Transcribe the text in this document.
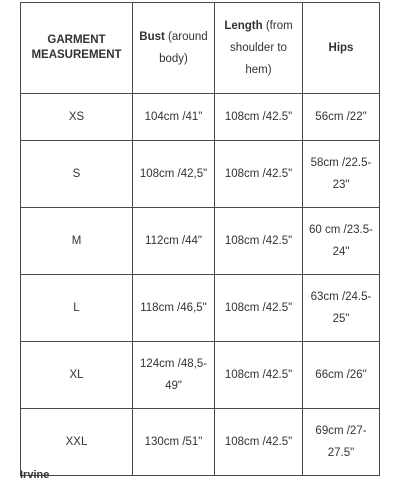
GARMENT MEASUREMENT	Bust (around body)	Length (from shoulder to hem)	Hips
XS	104cm /41"	108cm /42.5"	56cm /22"
S	108cm /42,5"	108cm /42.5"	58cm /22.5-23"
M	112cm /44"	108cm /42.5"	60 cm /23.5-24"
L	118cm /46,5"	108cm /42.5"	63cm /24.5-25"
XL	124cm /48,5-49"	108cm /42.5"	66cm /26"
XXL	130cm /51"	108cm /42.5"	69cm /27-27.5"
Irvine
